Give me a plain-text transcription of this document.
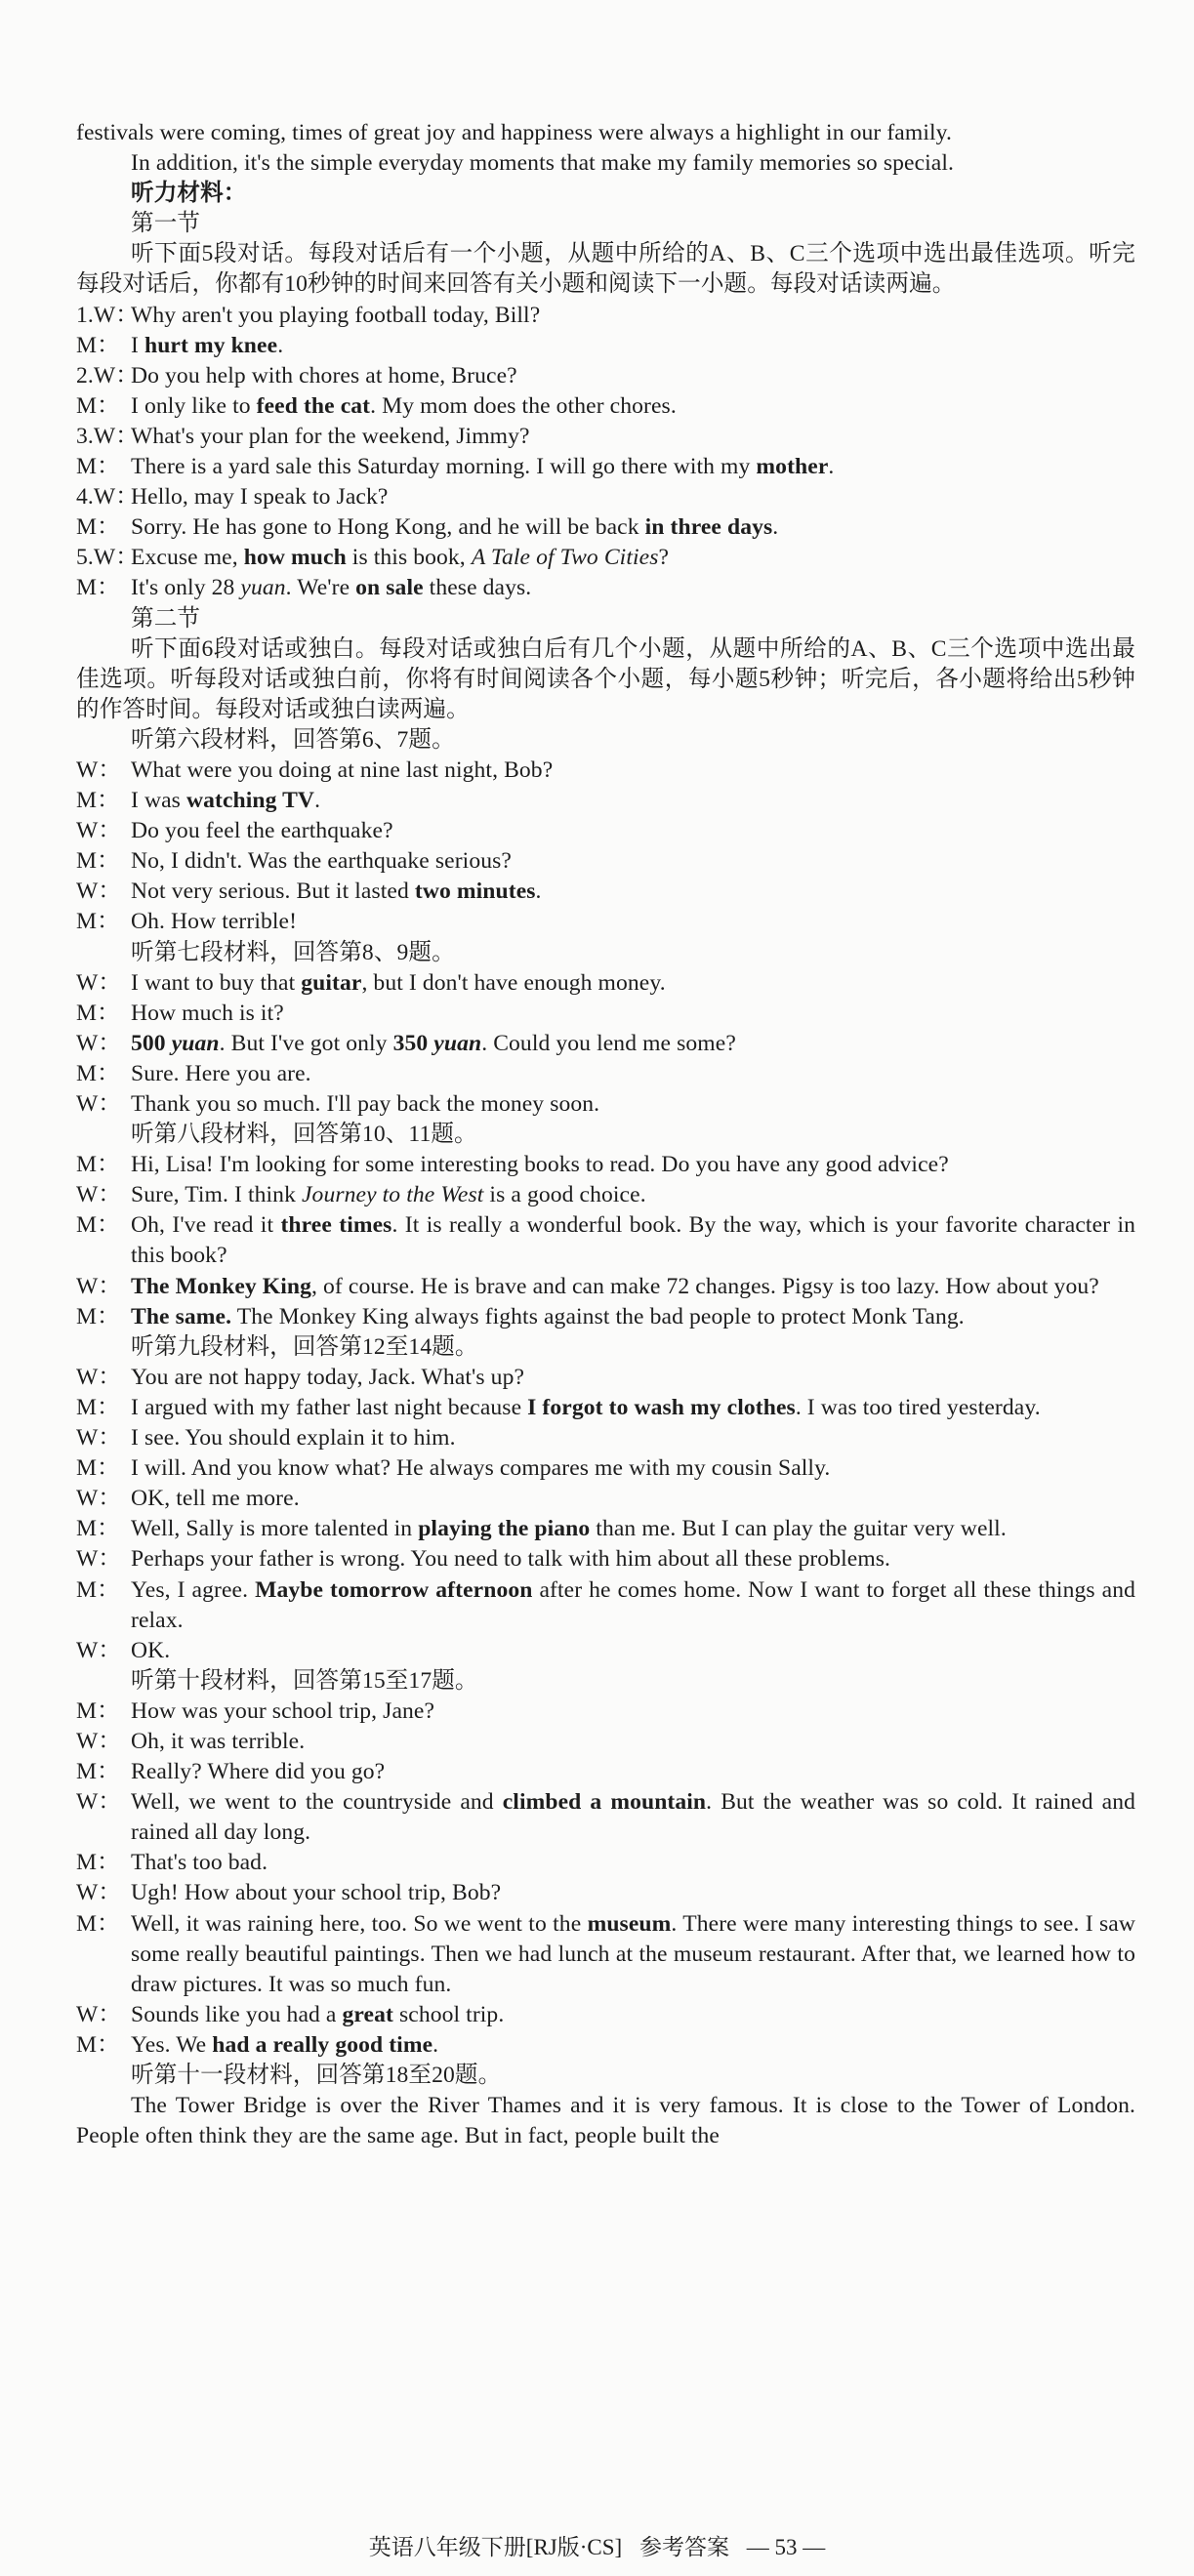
festivals were coming, times of great joy and happiness were always a highlight in our family.

In addition, it's the simple everyday moments that make my family memories so special.

听力材料：

第一节

听下面5段对话。每段对话后有一个小题，从题中所给的A、B、C三个选项中选出最佳选项。听完每段对话后，你都有10秒钟的时间来回答有关小题和阅读下一小题。每段对话读两遍。

1.W：
Why aren't you playing football today, Bill?

M： I hurt my knee.

2.W：
Do you help with chores at home, Bruce?

M： I only like to feed the cat. My mom does the other chores.

3.W：
What's your plan for the weekend, Jimmy?

M： There is a yard sale this Saturday morning. I will go there with my mother.

4.W：
Hello, may I speak to Jack?

M： Sorry. He has gone to Hong Kong, and he will be back in three days.

5.W：
Excuse me, how much is this book, A Tale of Two Cities?

M： It's only 28 yuan. We're on sale these days.

第二节

听下面6段对话或独白。每段对话或独白后有几个小题，从题中所给的A、B、C三个选项中选出最佳选项。听每段对话或独白前，你将有时间阅读各个小题，每小题5秒钟；听完后，各小题将给出5秒钟的作答时间。每段对话或独白读两遍。

听第六段材料，回答第6、7题。

W： What were you doing at nine last night, Bob?

M： I was watching TV.

W： Do you feel the earthquake?

M： No, I didn't. Was the earthquake serious?

W： Not very serious. But it lasted two minutes.

M： Oh. How terrible!

听第七段材料，回答第8、9题。

W： I want to buy that guitar, but I don't have enough money.

M： How much is it?

W： 500 yuan. But I've got only 350 yuan. Could you lend me some?

M： Sure. Here you are.

W： Thank you so much. I'll pay back the money soon.

听第八段材料，回答第10、11题。

M： Hi, Lisa! I'm looking for some interesting books to read. Do you have any good advice?

W： Sure, Tim. I think Journey to the West is a good choice.

M： Oh, I've read it three times. It is really a wonderful book. By the way, which is your favorite character in this book?

W： The Monkey King, of course. He is brave and can make 72 changes. Pigsy is too lazy. How about you?

M： The same. The Monkey King always fights against the bad people to protect Monk Tang.

听第九段材料，回答第12至14题。

W： You are not happy today, Jack. What's up?

M： I argued with my father last night because I forgot to wash my clothes. I was too tired yesterday.

W： I see. You should explain it to him.

M： I will. And you know what? He always compares me with my cousin Sally.

W： OK, tell me more.

M： Well, Sally is more talented in playing the piano than me. But I can play the guitar very well.

W： Perhaps your father is wrong. You need to talk with him about all these problems.

M： Yes, I agree. Maybe tomorrow afternoon after he comes home. Now I want to forget all these things and relax.

W： OK.

听第十段材料，回答第15至17题。

M： How was your school trip, Jane?

W： Oh, it was terrible.

M： Really? Where did you go?

W： Well, we went to the countryside and climbed a mountain. But the weather was so cold. It rained and rained all day long.

M： That's too bad.

W： Ugh! How about your school trip, Bob?

M： Well, it was raining here, too. So we went to the museum. There were many interesting things to see. I saw some really beautiful paintings. Then we had lunch at the museum restaurant. After that, we learned how to draw pictures. It was so much fun.

W： Sounds like you had a great school trip.

M： Yes. We had a really good time.

听第十一段材料，回答第18至20题。

The Tower Bridge is over the River Thames and it is very famous. It is close to the Tower of London. People often think they are the same age. But in fact, people built the

英语八年级下册[RJ版·CS] 参考答案 — 53 —
